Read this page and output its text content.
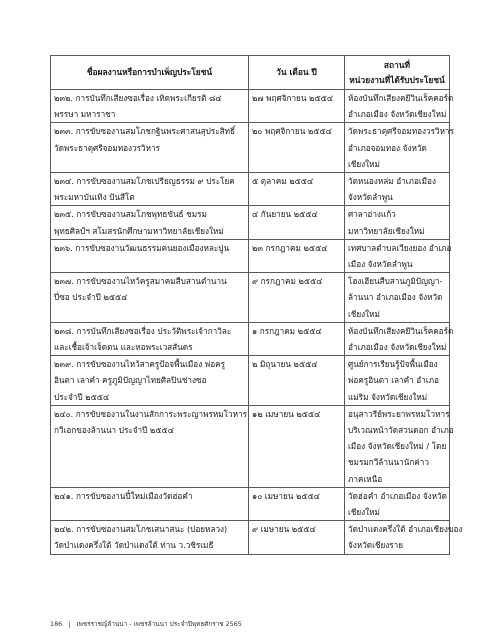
ชื่อผลงานหรือการบำเพ็ญประโยชน์	วัน เดือน ปี	สถานที่
หน่วยงานที่ได้รับประโยชน์

๒๓๒. การบันทึกเสียงซอเรื่อง เทิดพระเกียรติ ๘๔
พรรษา มหาราชา	๒๗ พฤศจิกายน ๒๕๕๔	ห้องบันทึกเสียงคยีวินเร็คคอร์ด
อำเภอเมือง จังหวัดเชียงใหม่

๒๓๓. การขับซองานสมโภชกฐินพระศาสนสุประสิทธิ์
วัดพระธาตุศรีจอมทองวรวิหาร	๒๐ พฤศจิกายน ๒๕๕๔	วัดพระธาตุศรีจอมทองวรวิหาร
อำเภอจอมทอง จังหวัด
เชียงใหม่

๒๓๔. การขับซองานสมโภชเปรียญธรรม ๙ ประโยค
พระมหาบันเทิง ปันสีโต	๕ ตุลาคม ๒๕๕๔	วัดหนองหล่ม อำเภอเมือง
จังหวัดลำพูน

๒๓๕. การขับซองานสมโภชพุทธขันธ์ ชมรม
พุทธศิลป์ฯ สโมสรนักศึกษามหาวิทยาลัยเชียงใหม่	๔ กันยายน ๒๕๕๔	ศาลาอ่างแก้ว
มหาวิทยาลัยเชียงใหม่

๒๓๖. การขับซองานวัฒนธรรมคนยองเมืองหละปูน	๒๓ กรกฎาคม ๒๕๕๔	เทศบาลตำบลเวียงยอง อำเภอ
เมือง จังหวัดลำพูน

๒๓๗. การขับซองานไหว้ครูสมาคมสืบสานตำนาน
ปี่ซอ ประจำปี ๒๕๕๔	๙ กรกฎาคม ๒๕๕๔	โฮงเฮียนสืบสานภูมิปัญญา-
ล้านนา อำเภอเมือง จังหวัด
เชียงใหม่

๒๓๘. การบันทึกเสียงซอเรื่อง ประวัติพระเจ้ากาวิละ
และเชื้อเจ้าเจ็ดตน และหอพระเวสสันดร	๑ กรกฎาคม ๒๕๕๔	ห้องบันทึกเสียงคยีวินเร็คคอร์ด
อำเภอเมือง จังหวัดเชียงใหม่

๒๓๙. การขับซองานไหว้สาครูป้อจพื้นเมือง พ่อครู
อินตา เลาคำ ครูภูมิปัญญาไทยศิลปินช่างซอ
ประจำปี ๒๕๕๔	๒ มิถุนายน ๒๕๕๔	ศูนย์การเรียนรู้ป้จพื้นเมือง
พ่อครูอินตา เลาคำ อำเภอ
แม่ริม จังหวัดเชียงใหม่

๒๔๐. การขับซองานในงานสักการะพระญาพรหมโวหาร
กวีเอกของล้านนา ประจำปี ๒๕๕๔	๑๒ เมษายน ๒๕๕๔	อนุสาวรีย์พระยาพรหมโวหาร
บริเวณหน้าวัดสวนดอก อำเภอ
เมือง จังหวัดเชียงใหม่ / โดย
ชมรมกวีล้านนานักค่าว
ภาคเหนือ

๒๔๑. การขับซองานปี๋ใหม่เมืองวัดฮ่อคำ	๑๐ เมษายน ๒๕๕๔	วัดฮ่อคำ อำเภอเมือง จังหวัด
เชียงใหม่

๒๔๒. การขับซองานสมโภชเสนาสนะ (ปอยหลวง)
วัดป่าแดงครึ่งใต้ วัดป่าแดงใต้ ท่าน ว.วชิรเมธี	๙ เมษายน ๒๕๕๔	วัดป่าแดงครึ่งใต้ อำเภอเชียงของ
จังหวัดเชียงราย
186 | เพชรราชญ์ล้านนา - เพชรล้านนา ประจำปีพุทธศักราช 2565
